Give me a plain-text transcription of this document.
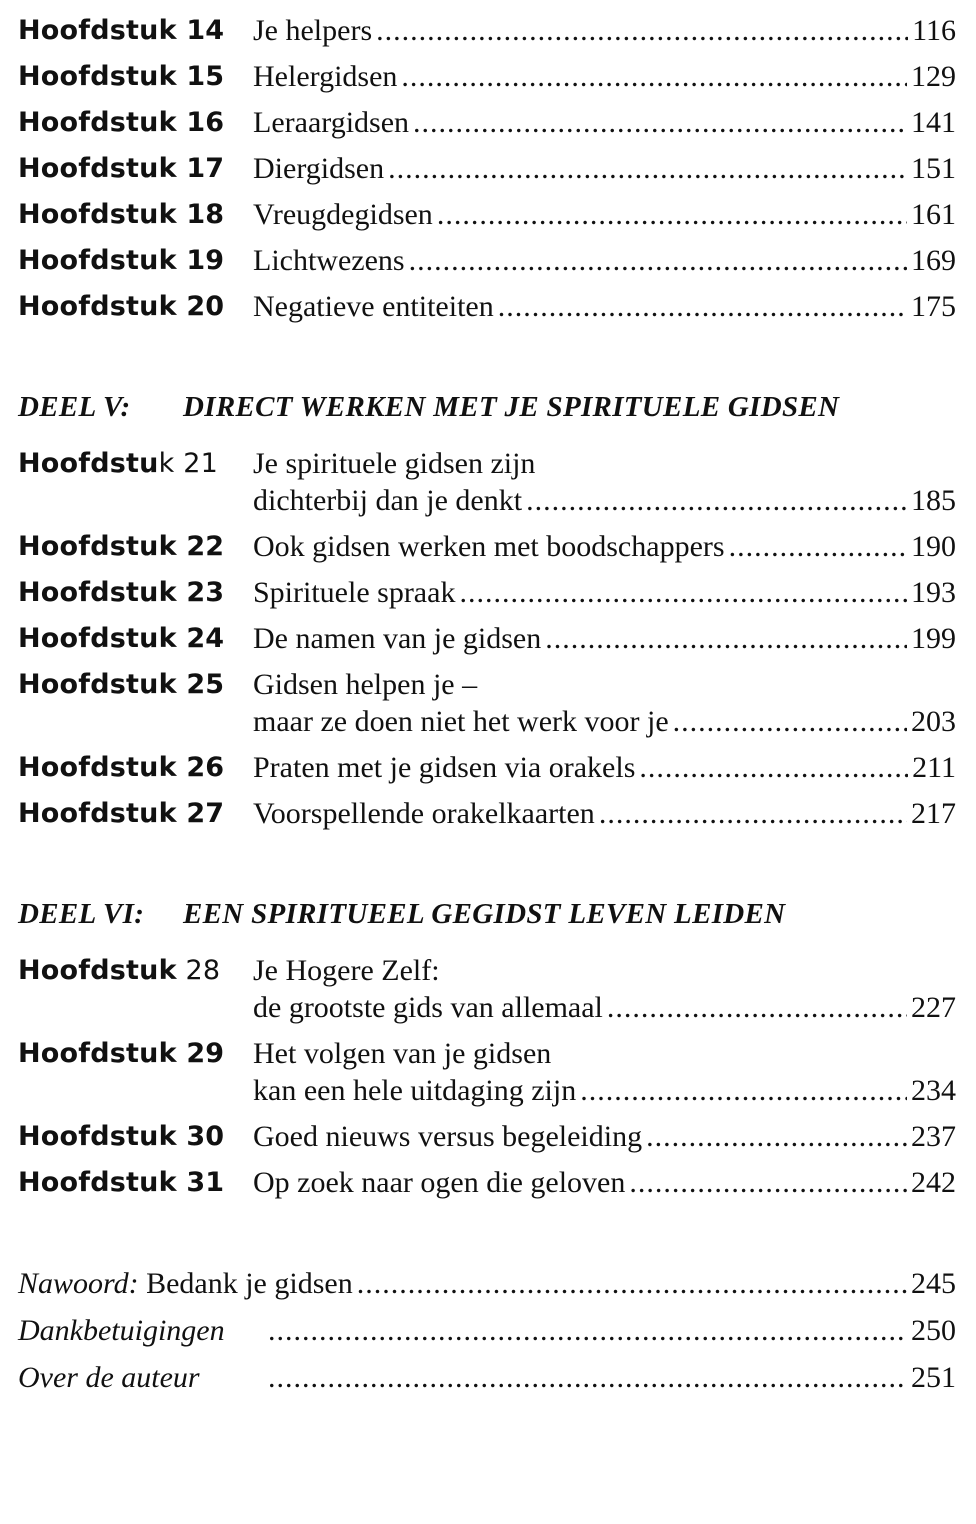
Hoofdstuk 14 Je helpers .....	116
Hoofdstuk 15 Helergidsen .....	129
Hoofdstuk 16 Leraargidsen .....	141
Hoofdstuk 17 Diergidsen .....	151
Hoofdstuk 18 Vreugdegidsen .....	161
Hoofdstuk 19 Lichtwezens .....	169
Hoofdstuk 20 Negatieve entiteiten .....	175
DEEL V:	DIRECT WERKEN MET JE SPIRITUELE GIDSEN
Hoofdstuk 21	Je spirituele gidsen zijn
dichterbij dan je denkt .....	185
Hoofdstuk 22 Ook gidsen werken met boodschappers .....	190
Hoofdstuk 23 Spirituele spraak .....	193
Hoofdstuk 24 De namen van je gidsen .....	199
Hoofdstuk 25 Gidsen helpen je –
maar ze doen niet het werk voor je .....	203
Hoofdstuk 26 Praten met je gidsen via orakels .....	211
Hoofdstuk 27 Voorspellende orakelkaarten .....	217
DEEL VI:	EEN SPIRITUEEL GEGIDST LEVEN LEIDEN
Hoofdstuk 28	Je Hogere Zelf:
de grootste gids van allemaal .....	227
Hoofdstuk 29 Het volgen van je gidsen
kan een hele uitdaging zijn .....	234
Hoofdstuk 30 Goed nieuws versus begeleiding .....	237
Hoofdstuk 31 Op zoek naar ogen die geloven .....	242
Nawoord: Bedank je gidsen .....	245
Dankbetuigingen .....	250
Over de auteur .....	251
